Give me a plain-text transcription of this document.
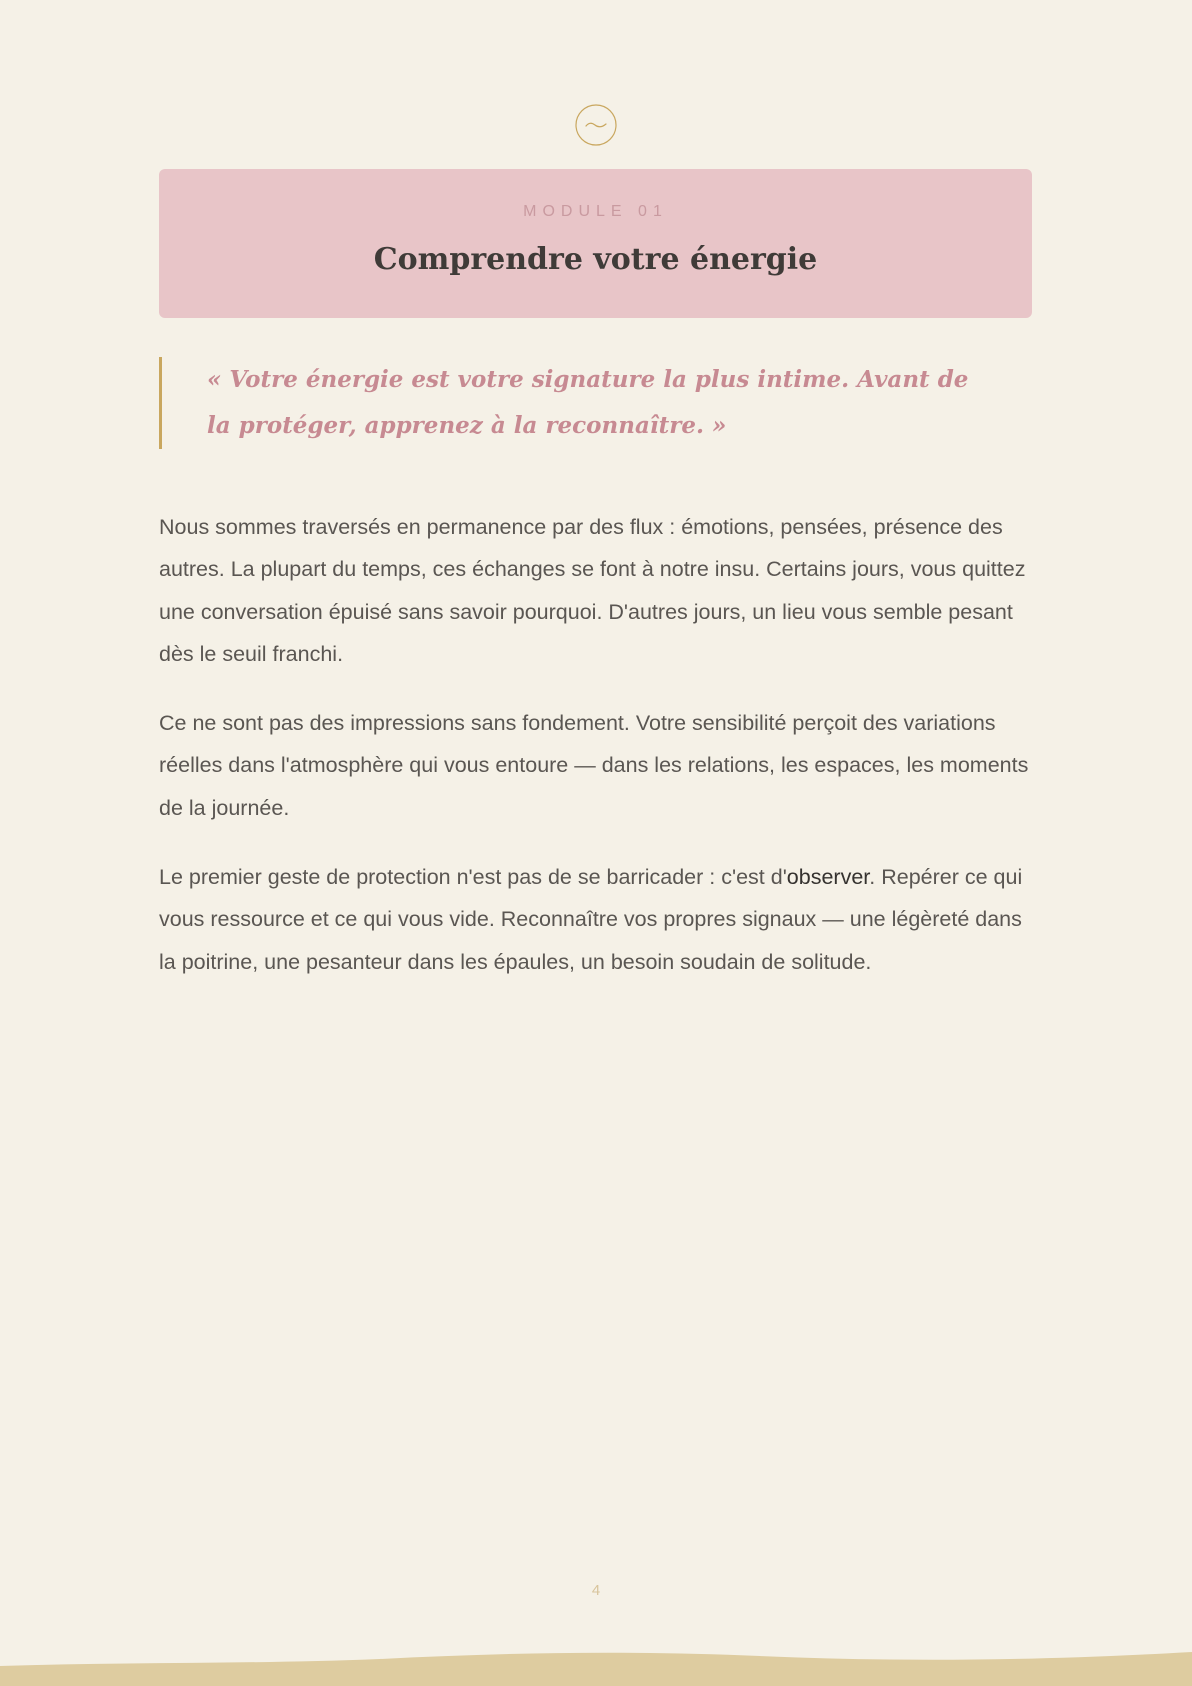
MODULE 01
Comprendre votre énergie
« Votre énergie est votre signature la plus intime. Avant de la protéger, apprenez à la reconnaître. »

Nous sommes traversés en permanence par des flux : émotions, pensées, présence des autres. La plupart du temps, ces échanges se font à notre insu. Certains jours, vous quittez une conversation épuisé sans savoir pourquoi. D'autres jours, un lieu vous semble pesant dès le seuil franchi.

Ce ne sont pas des impressions sans fondement. Votre sensibilité perçoit des variations réelles dans l'atmosphère qui vous entoure — dans les relations, les espaces, les moments de la journée.

Le premier geste de protection n'est pas de se barricader : c'est d'observer. Repérer ce qui vous ressource et ce qui vous vide. Reconnaître vos propres signaux — une légèreté dans la poitrine, une pesanteur dans les épaules, un besoin soudain de solitude.

4
